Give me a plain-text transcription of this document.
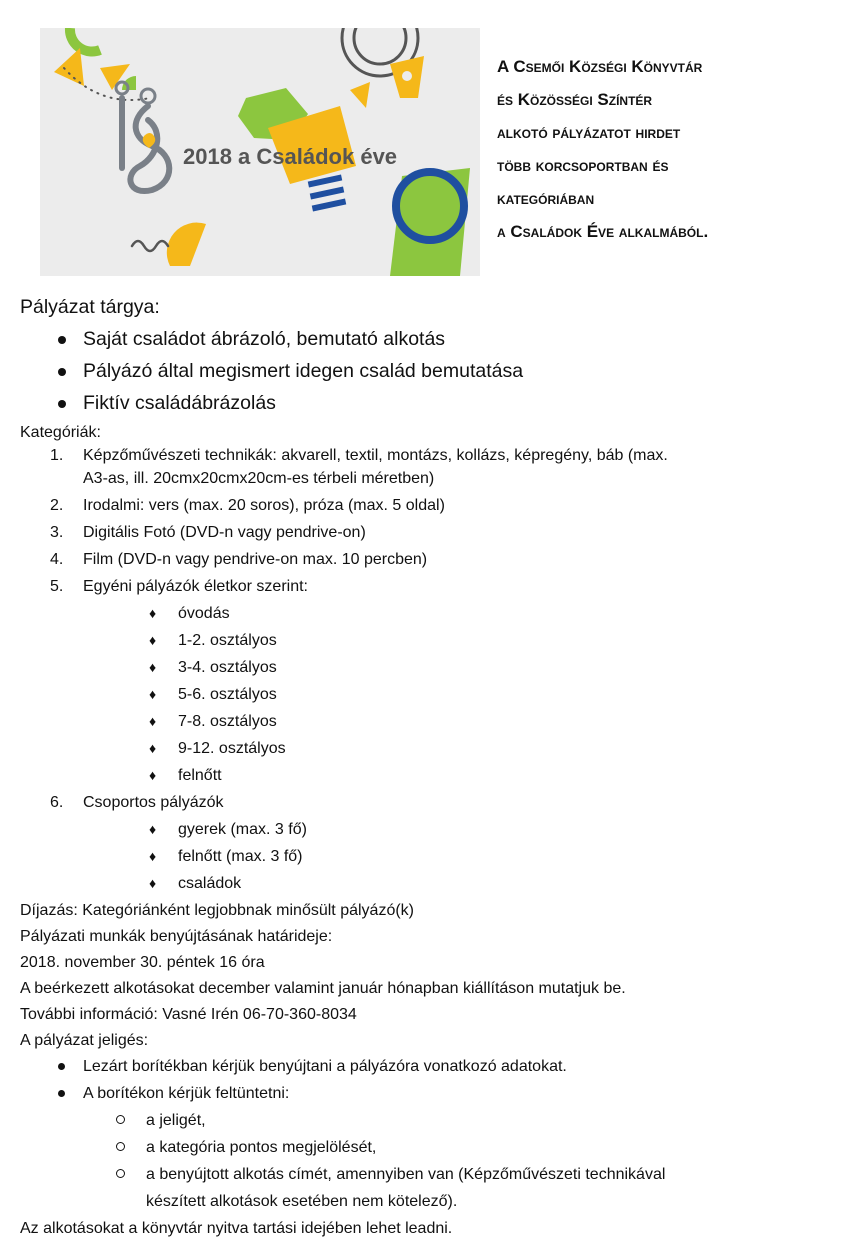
2018 a Családok éve
A Csemői Községi Könyvtár
és Közösségi Színtér
alkotó pályázatot hirdet
több korcsoportban és
kategóriában
a Családok Éve alkalmából.
Pályázat tárgya:
Saját családot ábrázoló, bemutató alkotás
Pályázó által megismert idegen család bemutatása
Fiktív családábrázolás
Kategóriák:
1. Képzőművészeti technikák: akvarell, textil, montázs, kollázs, képregény, báb (max.
A3-as, ill. 20cmx20cmx20cm-es térbeli méretben)
2. Irodalmi: vers (max. 20 soros), próza (max. 5 oldal)
3. Digitális Fotó (DVD-n vagy pendrive-on)
4. Film (DVD-n vagy pendrive-on max. 10 percben)
5. Egyéni pályázók életkor szerint:
♦ óvodás
♦ 1-2. osztályos
♦ 3-4. osztályos
♦ 5-6. osztályos
♦ 7-8. osztályos
♦ 9-12. osztályos
♦ felnőtt
6. Csoportos pályázók
♦ gyerek (max. 3 fő)
♦ felnőtt (max. 3 fő)
♦ családok
Díjazás: Kategóriánként legjobbnak minősült pályázó(k)
Pályázati munkák benyújtásának határideje:
2018. november 30. péntek 16 óra
A beérkezett alkotásokat december valamint január hónapban kiállításon mutatjuk be.
További információ: Vasné Irén 06-70-360-8034
A pályázat jeligés:
Lezárt borítékban kérjük benyújtani a pályázóra vonatkozó adatokat.
A borítékon kérjük feltüntetni:
a jeligét,
a kategória pontos megjelölését,
a benyújtott alkotás címét, amennyiben van (Képzőművészeti technikával
készített alkotások esetében nem kötelező).
Az alkotásokat a könyvtár nyitva tartási idejében lehet leadni.
